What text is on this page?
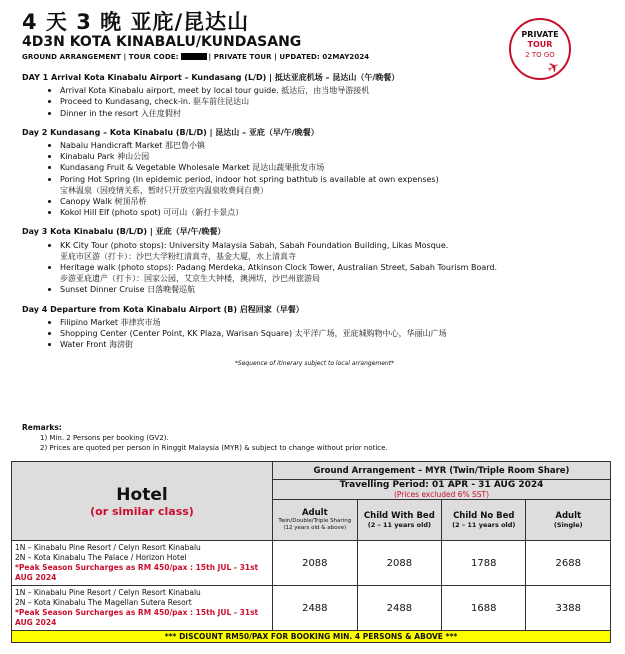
4 天 3 晚 亚庇/昆达山
4D3N KOTA KINABALU/KUNDASANG
GROUND ARRANGEMENT | TOUR CODE:	| PRIVATE TOUR | UPDATED: 02MAY2024
PRIVATE
TOUR
2 TO GO
✈
DAY 1 Arrival Kota Kinabalu Airport – Kundasang (L/D) | 抵达亚庇机场 – 昆达山（午/晚餐）
Arrival Kota Kinabalu airport, meet by local tour guide. 抵达后，由当地导游接机
Proceed to Kundasang, check-in. 驱车前往昆达山
Dinner in the resort 入住度假村
Day 2 Kundasang – Kota Kinabalu (B/L/D) | 昆达山 – 亚庇（早/午/晚餐）
Nabalu Handicraft Market 那巴鲁小镇
Kinabalu Park 神山公园
Kundasang Fruit & Vegetable Wholesale Market 昆达山蔬果批发市场
Poring Hot Spring (In epidemic period, indoor hot spring bathtub is available at own expenses)
宝林温泉（因疫情关系，暂时只开放室内温泉收费间自费）
Canopy Walk 树顶吊桥
Kokol Hill Elf (photo spot) 可可山（新打卡景点）
Day 3 Kota Kinabalu (B/L/D) | 亚庇（早/午/晚餐）
KK City Tour (photo stops): University Malaysia Sabah, Sabah Foundation Building, Likas Mosque.
亚庇市区游（打卡）：沙巴大学粉红清真寺，基金大厦，水上清真寺
Heritage walk (photo stops): Padang Merdeka, Atkinson Clock Tower, Australian Street, Sabah Tourism Board.
步游亚庇遗产（打卡）：国家公园，艾京生大钟楼，澳洲坊，沙巴州旅游局
Sunset Dinner Cruise 日落晚餐巡航
Day 4 Departure from Kota Kinabalu Airport (B) 启程回家（早餐）
Filipino Market 菲律宾市场
Shopping Center (Center Point, KK Plaza, Warisan Square) 太平洋广场，亚庇城购物中心，华丽山广场
Water Front 海滂街
*Sequence of itinerary subject to local arrangement*
Remarks:
1) Min. 2 Persons per booking (GV2).
2) Prices are quoted per person in Ringgit Malaysia (MYR) & subject to change without prior notice.
Hotel
(or similar class)	Ground Arrangement – MYR (Twin/Triple Room Share)			

	Travelling Period: 01 APR - 31 AUG 2024
(Prices excluded 6% SST)			

	Adult
Twin/Double/Triple Sharing
(12 years old & above)	Child With Bed
(2 – 11 years old)	Child No Bed
(2 – 11 years old)	Adult
(Single)

1N – Kinabalu Pine Resort / Celyn Resort Kinabalu
2N – Kota Kinabalu The Palace / Horizon Hotel
*Peak Season Surcharges as RM 450/pax : 15th JUL - 31st AUG 2024	2088	2088	1788	2688

1N – Kinabalu Pine Resort / Celyn Resort Kinabalu
2N – Kota Kinabalu The Magellan Sutera Resort
*Peak Season Surcharges as RM 450/pax : 15th JUL - 31st AUG 2024	2488	2488	1688	3388
*** DISCOUNT RM50/PAX FOR BOOKING MIN. 4 PERSONS & ABOVE ***				
